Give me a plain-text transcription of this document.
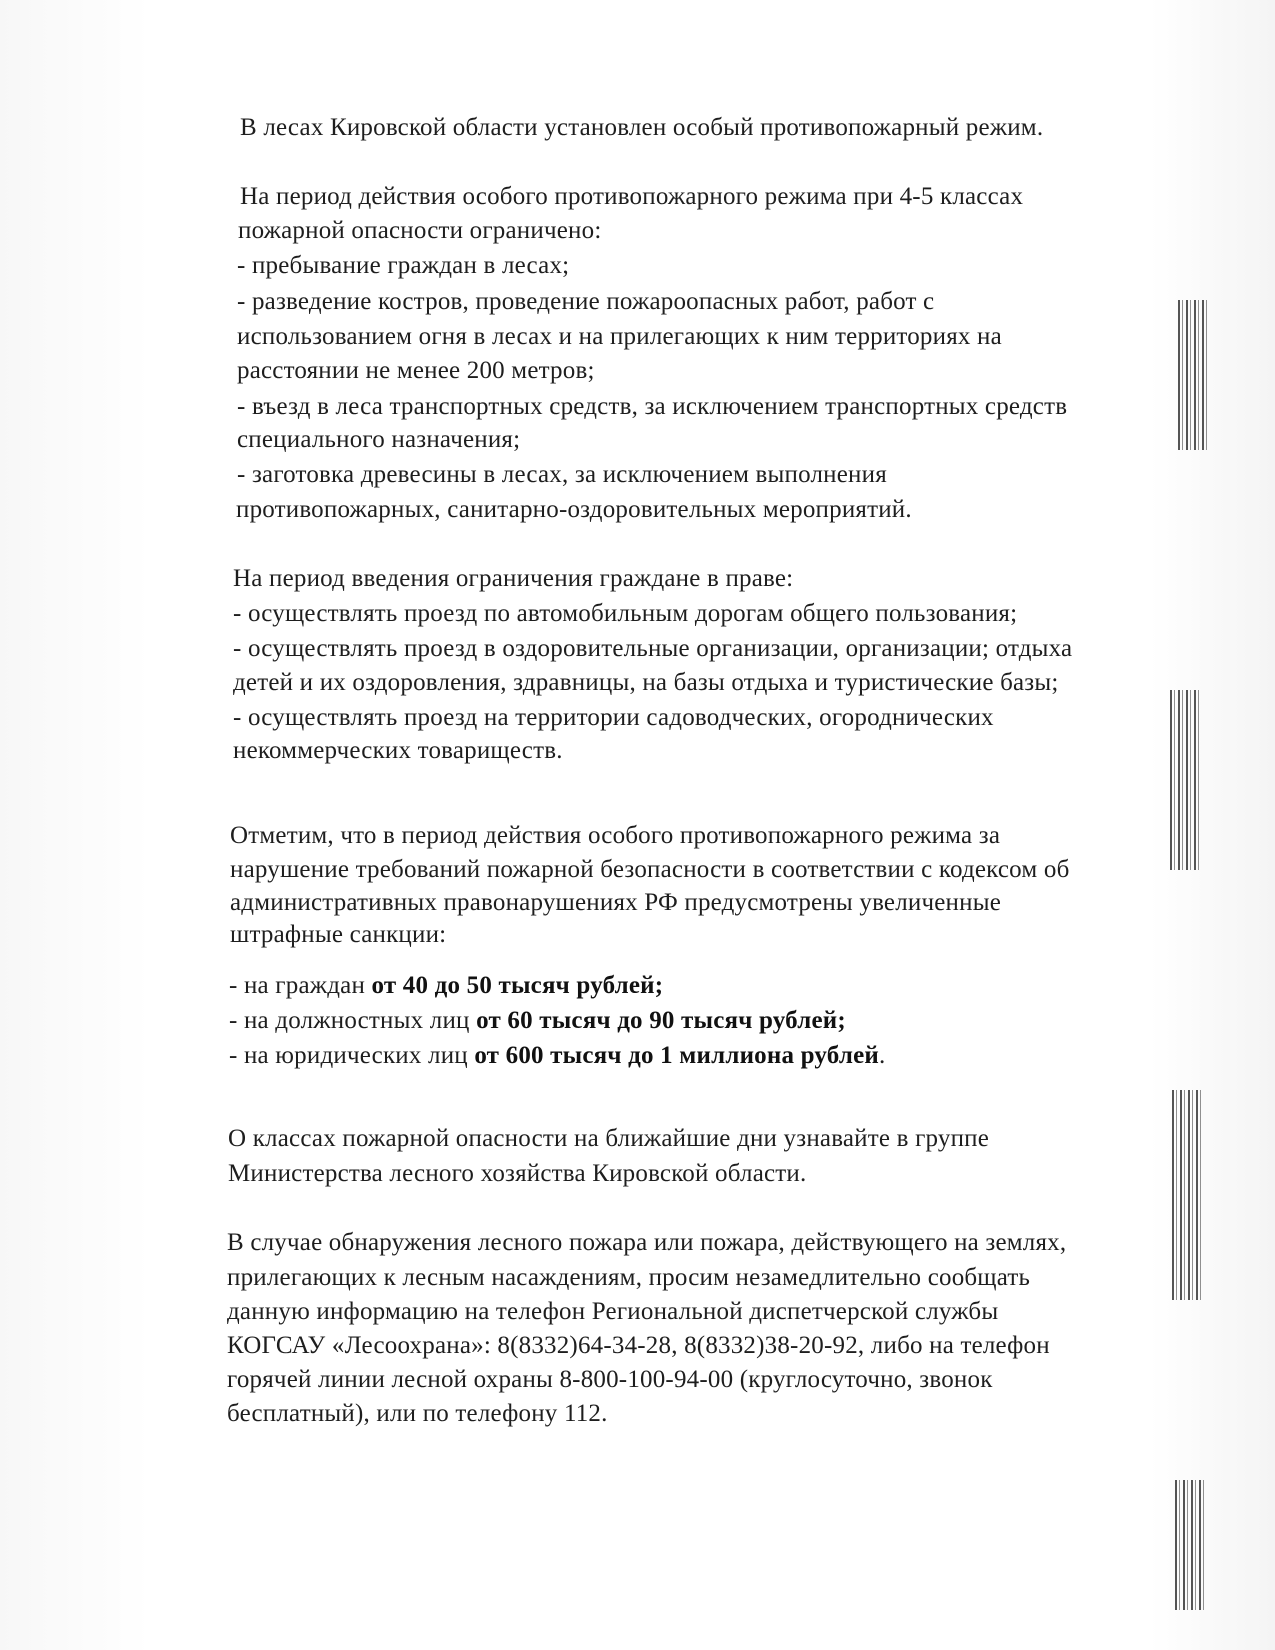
В лесах Кировской области установлен особый противопожарный режим.

На период действия особого противопожарного режима при 4-5 классах

пожарной опасности ограничено:

- пребывание граждан в лесах;

- разведение костров, проведение пожароопасных работ, работ с

использованием огня в лесах и на прилегающих к ним территориях на

расстоянии не менее 200 метров;

- въезд в леса транспортных средств, за исключением транспортных средств

специального назначения;

- заготовка древесины в лесах, за исключением выполнения

противопожарных, санитарно-оздоровительных мероприятий.

На период введения ограничения граждане в праве:

- осуществлять проезд по автомобильным дорогам общего пользования;

- осуществлять проезд в оздоровительные организации, организации; отдыха

детей и их оздоровления, здравницы, на базы отдыха и туристические базы;

- осуществлять проезд на территории садоводческих, огороднических

некоммерческих товариществ.

Отметим, что в период действия особого противопожарного режима за

нарушение требований пожарной безопасности в соответствии с кодексом об

административных правонарушениях РФ предусмотрены увеличенные

штрафные санкции:

- на граждан от 40 до 50 тысяч рублей;

- на должностных лиц от 60 тысяч до 90 тысяч рублей;

- на юридических лиц от 600 тысяч до 1 миллиона рублей.

О классах пожарной опасности на ближайшие дни узнавайте в группе

Министерства лесного хозяйства Кировской области.

В случае обнаружения лесного пожара или пожара, действующего на землях,

прилегающих к лесным насаждениям, просим незамедлительно сообщать

данную информацию на телефон Региональной диспетчерской службы

КОГСАУ «Лесоохрана»: 8(8332)64-34-28, 8(8332)38-20-92, либо на телефон

горячей линии лесной охраны 8-800-100-94-00 (круглосуточно, звонок

бесплатный), или по телефону 112.
